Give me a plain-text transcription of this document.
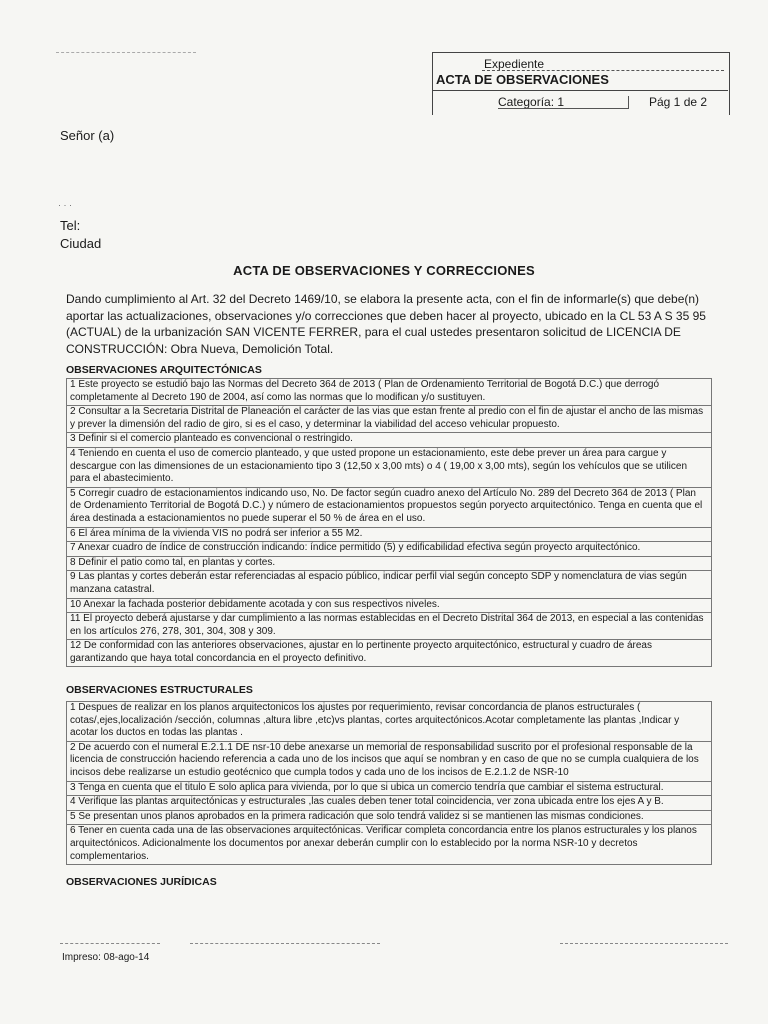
Expediente
ACTA DE OBSERVACIONES
Categoría: 1	Pág 1 de 2
Señor (a)
· · ·
Tel:
Ciudad
ACTA DE OBSERVACIONES Y CORRECCIONES
Dando cumplimiento al Art. 32 del Decreto 1469/10, se elabora la presente acta, con el fin de informarle(s) que debe(n) aportar las actualizaciones, observaciones y/o correcciones que deben hacer al proyecto, ubicado en la CL 53 A S 35 95 (ACTUAL) de la urbanización SAN VICENTE FERRER, para el cual ustedes presentaron solicitud de LICENCIA DE CONSTRUCCIÓN: Obra Nueva, Demolición Total.
OBSERVACIONES ARQUITECTÓNICAS
1 Este proyecto se estudió bajo las Normas del Decreto 364 de 2013 ( Plan de Ordenamiento Territorial de Bogotá D.C.) que derrogó completamente al Decreto 190 de 2004, así como las normas que lo modifican y/o sustituyen.
2 Consultar a la Secretaria Distrital de Planeación el carácter de las vias que estan frente al predio con el fin de ajustar el ancho de las mismas y prever la dimensión del radio de giro, si es el caso, y determinar la viabilidad del acceso vehicular propuesto.
3 Definir si el comercio planteado es convencional o restringido.
4 Teniendo en cuenta el uso de comercio planteado, y que usted propone un estacionamiento, este debe prever un área para cargue y descargue con las dimensiones de un estacionamiento tipo 3 (12,50 x 3,00 mts) o 4 ( 19,00 x 3,00 mts), según los vehículos que se utilicen para el abastecimiento.
5 Corregir cuadro de estacionamientos indicando uso, No. De factor según cuadro anexo del Artículo No. 289 del Decreto 364 de 2013 ( Plan de Ordenamiento Territorial de Bogotá D.C.) y número de estacionamientos propuestos según poryecto arquitectónico. Tenga en cuenta que el área destinada a estacionamientos no puede superar el 50 % de área en el uso.
6 El área mínima de la vivienda VIS no podrá ser inferior a 55 M2.
7 Anexar cuadro de índice de construcción indicando: índice permitido (5) y edificabilidad efectiva según proyecto arquitectónico.
8 Definir el patio como tal, en plantas y cortes.
9 Las plantas y cortes deberán estar referenciadas al espacio público, indicar perfil vial según concepto SDP y nomenclatura de vias según manzana catastral.
10 Anexar la fachada posterior debidamente acotada y con sus respectivos niveles.
11 El proyecto deberá ajustarse y dar cumplimiento a las normas establecidas en el Decreto Distrital 364 de 2013, en especial a las contenidas en los artículos 276, 278, 301, 304, 308 y 309.
12 De conformidad con las anteriores observaciones, ajustar en lo pertinente proyecto arquitectónico, estructural y cuadro de áreas garantizando que haya total concordancia en el proyecto definitivo.
OBSERVACIONES ESTRUCTURALES
1 Despues de realizar en los planos arquitectonicos los ajustes por requerimiento, revisar concordancia de planos estructurales ( cotas/,ejes,localización /sección, columnas ,altura libre ,etc)vs plantas, cortes arquitectónicos.Acotar completamente las plantas ,Indicar y acotar los ductos en todas las plantas .
2 De acuerdo con el numeral E.2.1.1 DE nsr-10 debe anexarse un memorial de responsabilidad suscrito por el profesional responsable de la licencia de construcción haciendo referencia a cada uno de los incisos que aquí se nombran y en caso de que no se cumpla cualquiera de los incisos debe realizarse un estudio geotécnico que cumpla todos y cada uno de los incisos de E.2.1.2 de NSR-10
3 Tenga en cuenta que el titulo E solo aplica para vivienda, por lo que si ubica un comercio tendría que cambiar el sistema estructural.
4 Verifique las plantas arquitectónicas y estructurales ,las cuales deben tener total coincidencia, ver zona ubicada entre los ejes A y B.
5 Se presentan unos planos aprobados en la primera radicación que solo tendrá validez si se mantienen las mismas condiciones.
6 Tener en cuenta cada una de las observaciones arquitectónicas. Verificar completa concordancia entre los planos estructurales y los planos arquitectónicos. Adicionalmente los documentos por anexar deberán cumplir con lo establecido por la norma NSR-10 y decretos complementarios.
OBSERVACIONES JURÍDICAS
Impreso: 08-ago-14
